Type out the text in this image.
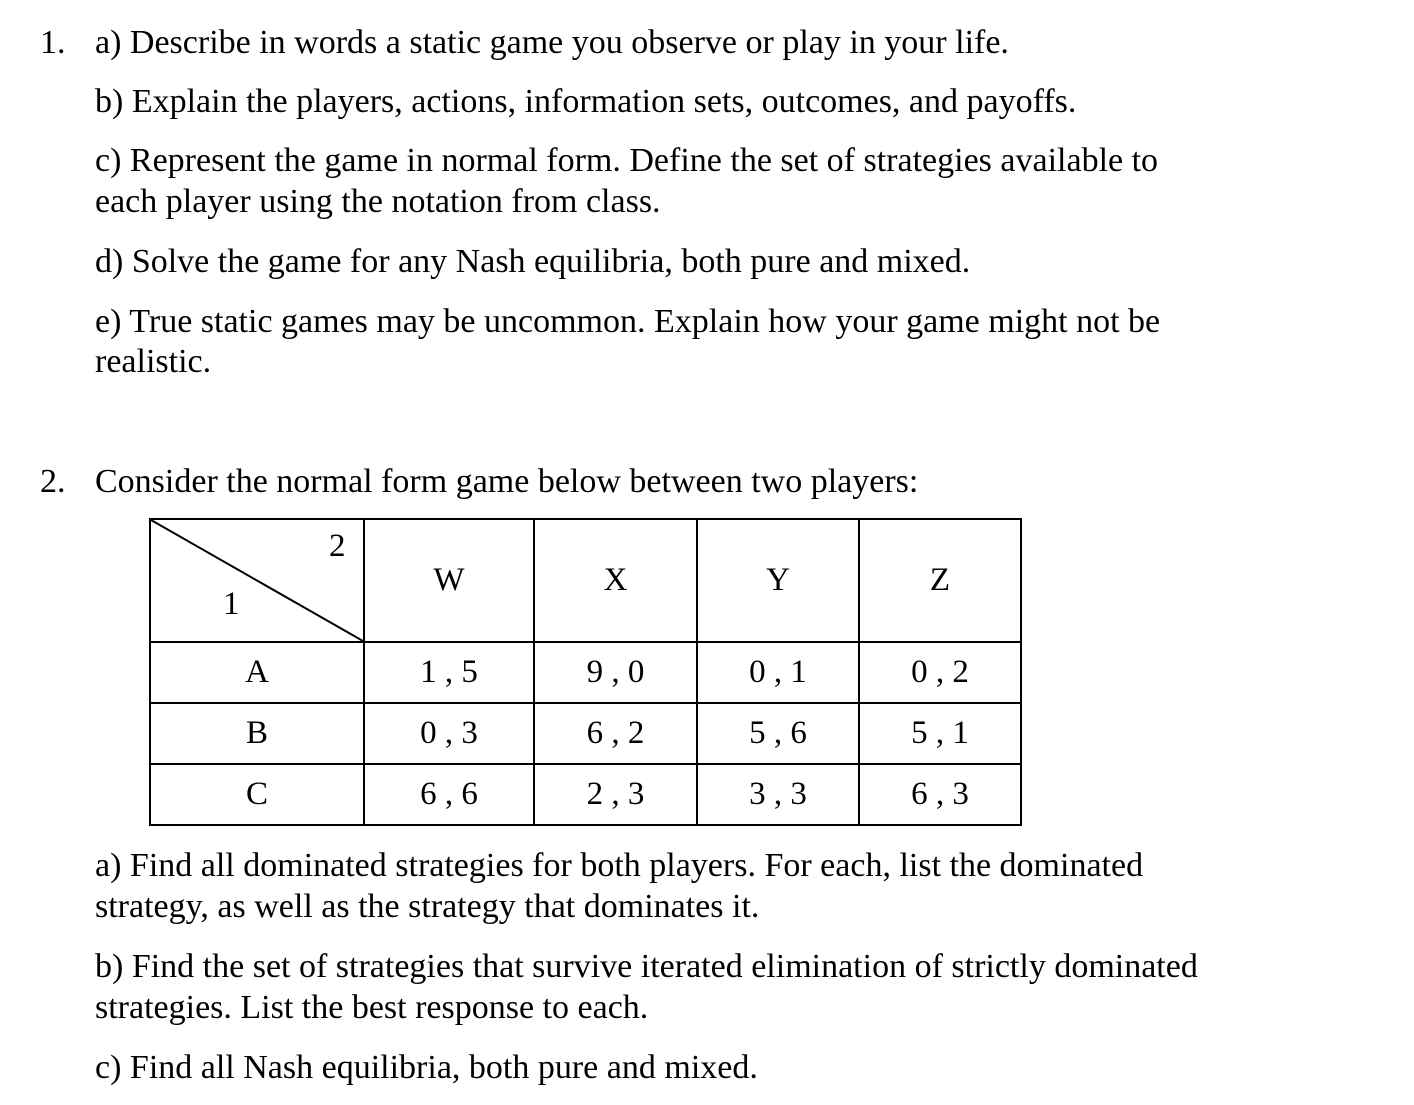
1. a) Describe in words a static game you observe or play in your life.
b) Explain the players, actions, information sets, outcomes, and payoffs.
c) Represent the game in normal form. Define the set of strategies available to
each player using the notation from class.
d) Solve the game for any Nash equilibria, both pure and mixed.
e) True static games may be uncommon. Explain how your game might not be
realistic.
2. Consider the normal form game below between two players:
2
1	W	X	Y	Z
A	1 , 5	9 , 0	0 , 1	0 , 2
B	0 , 3	6 , 2	5 , 6	5 , 1
C	6 , 6	2 , 3	3 , 3	6 , 3
a) Find all dominated strategies for both players. For each, list the dominated
strategy, as well as the strategy that dominates it.
b) Find the set of strategies that survive iterated elimination of strictly dominated
strategies. List the best response to each.
c) Find all Nash equilibria, both pure and mixed.
